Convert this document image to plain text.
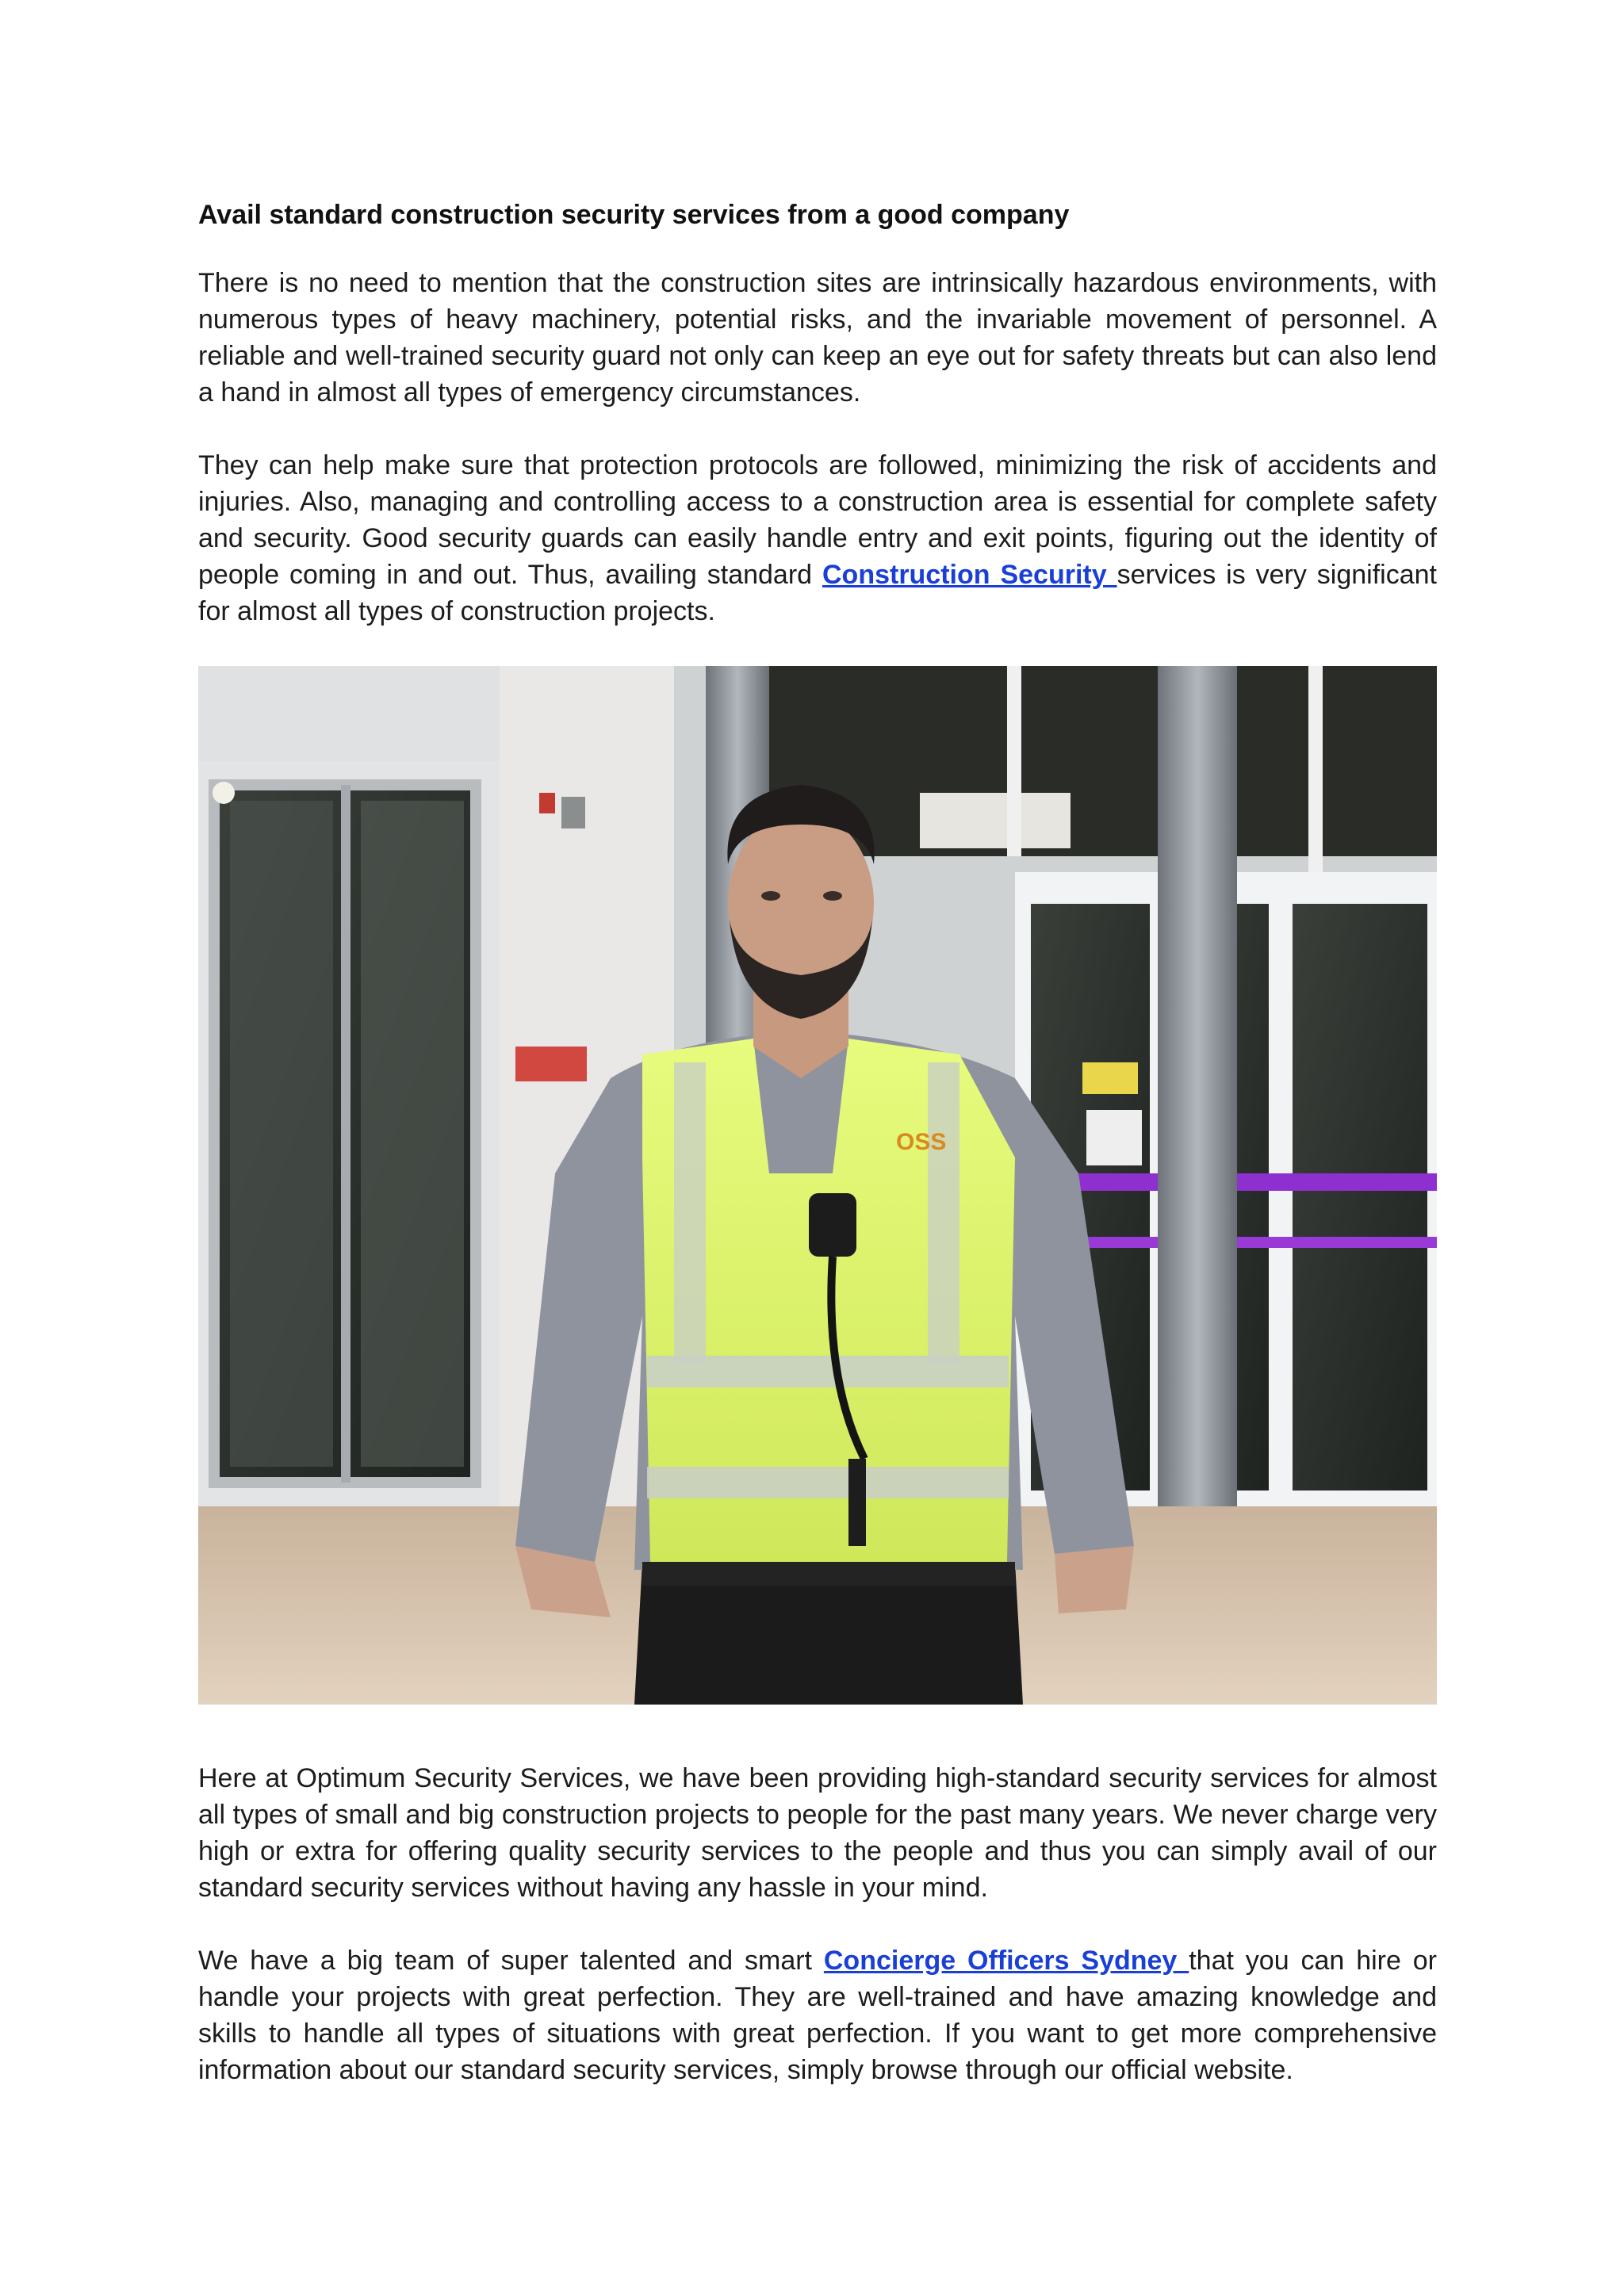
Avail standard construction security services from a good company

There is no need to mention that the construction sites are intrinsically hazardous environments, with numerous types of heavy machinery, potential risks, and the invariable movement of personnel. A reliable and well-trained security guard not only can keep an eye out for safety threats but can also lend a hand in almost all types of emergency circumstances.

They can help make sure that protection protocols are followed, minimizing the risk of accidents and injuries. Also, managing and controlling access to a construction area is essential for complete safety and security. Good security guards can easily handle entry and exit points, figuring out the identity of people coming in and out. Thus, availing standard Construction Security services is very significant for almost all types of construction projects.

OSS

Here at Optimum Security Services, we have been providing high-standard security services for almost all types of small and big construction projects to people for the past many years. We never charge very high or extra for offering quality security services to the people and thus you can simply avail of our standard security services without having any hassle in your mind.

We have a big team of super talented and smart Concierge Officers Sydney that you can hire or handle your projects with great perfection. They are well-trained and have amazing knowledge and skills to handle all types of situations with great perfection. If you want to get more comprehensive information about our standard security services, simply browse through our official website.
